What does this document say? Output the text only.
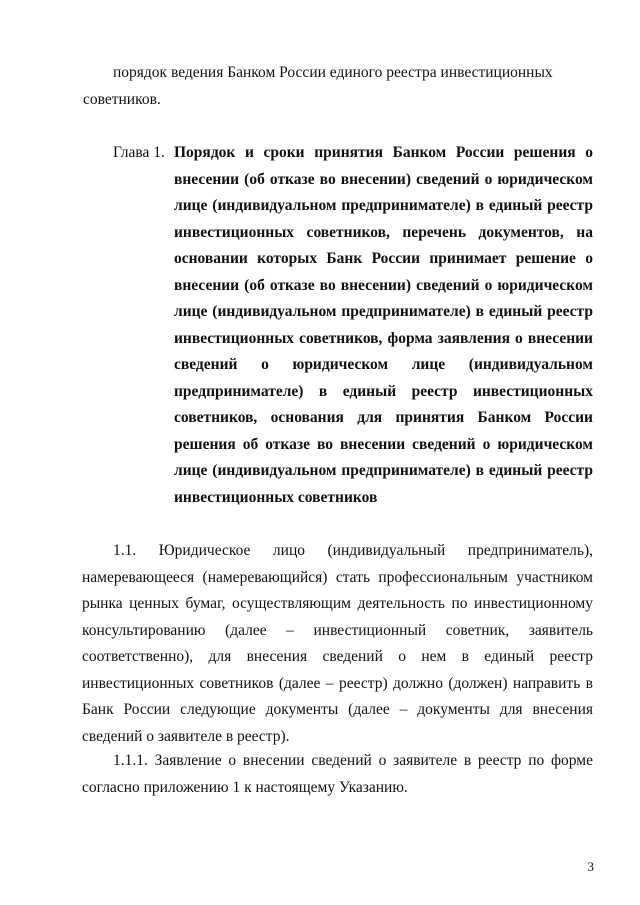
порядок ведения Банком России единого реестра инвестиционных
советников.
Глава 1. Порядок и сроки принятия Банком России решения о внесении (об отказе во внесении) сведений о юридическом лице (индивидуальном предпринимателе) в единый реестр инвестиционных советников, перечень документов, на основании которых Банк России принимает решение о внесении (об отказе во внесении) сведений о юридическом лице (индивидуальном предпринимателе) в единый реестр инвестиционных советников, форма заявления о внесении сведений о юридическом лице (индивидуальном предпринимателе) в единый реестр инвестиционных советников, основания для принятия Банком России решения об отказе во внесении сведений о юридическом лице (индивидуальном предпринимателе) в единый реестр инвестиционных советников
1.1. Юридическое лицо (индивидуальный предприниматель), намеревающееся (намеревающийся) стать профессиональным участником рынка ценных бумаг, осуществляющим деятельность по инвестиционному консультированию (далее – инвестиционный советник, заявитель соответственно), для внесения сведений о нем в единый реестр инвестиционных советников (далее – реестр) должно (должен) направить в Банк России следующие документы (далее – документы для внесения сведений о заявителе в реестр).
1.1.1. Заявление о внесении сведений о заявителе в реестр по форме согласно приложению 1 к настоящему Указанию.
3
